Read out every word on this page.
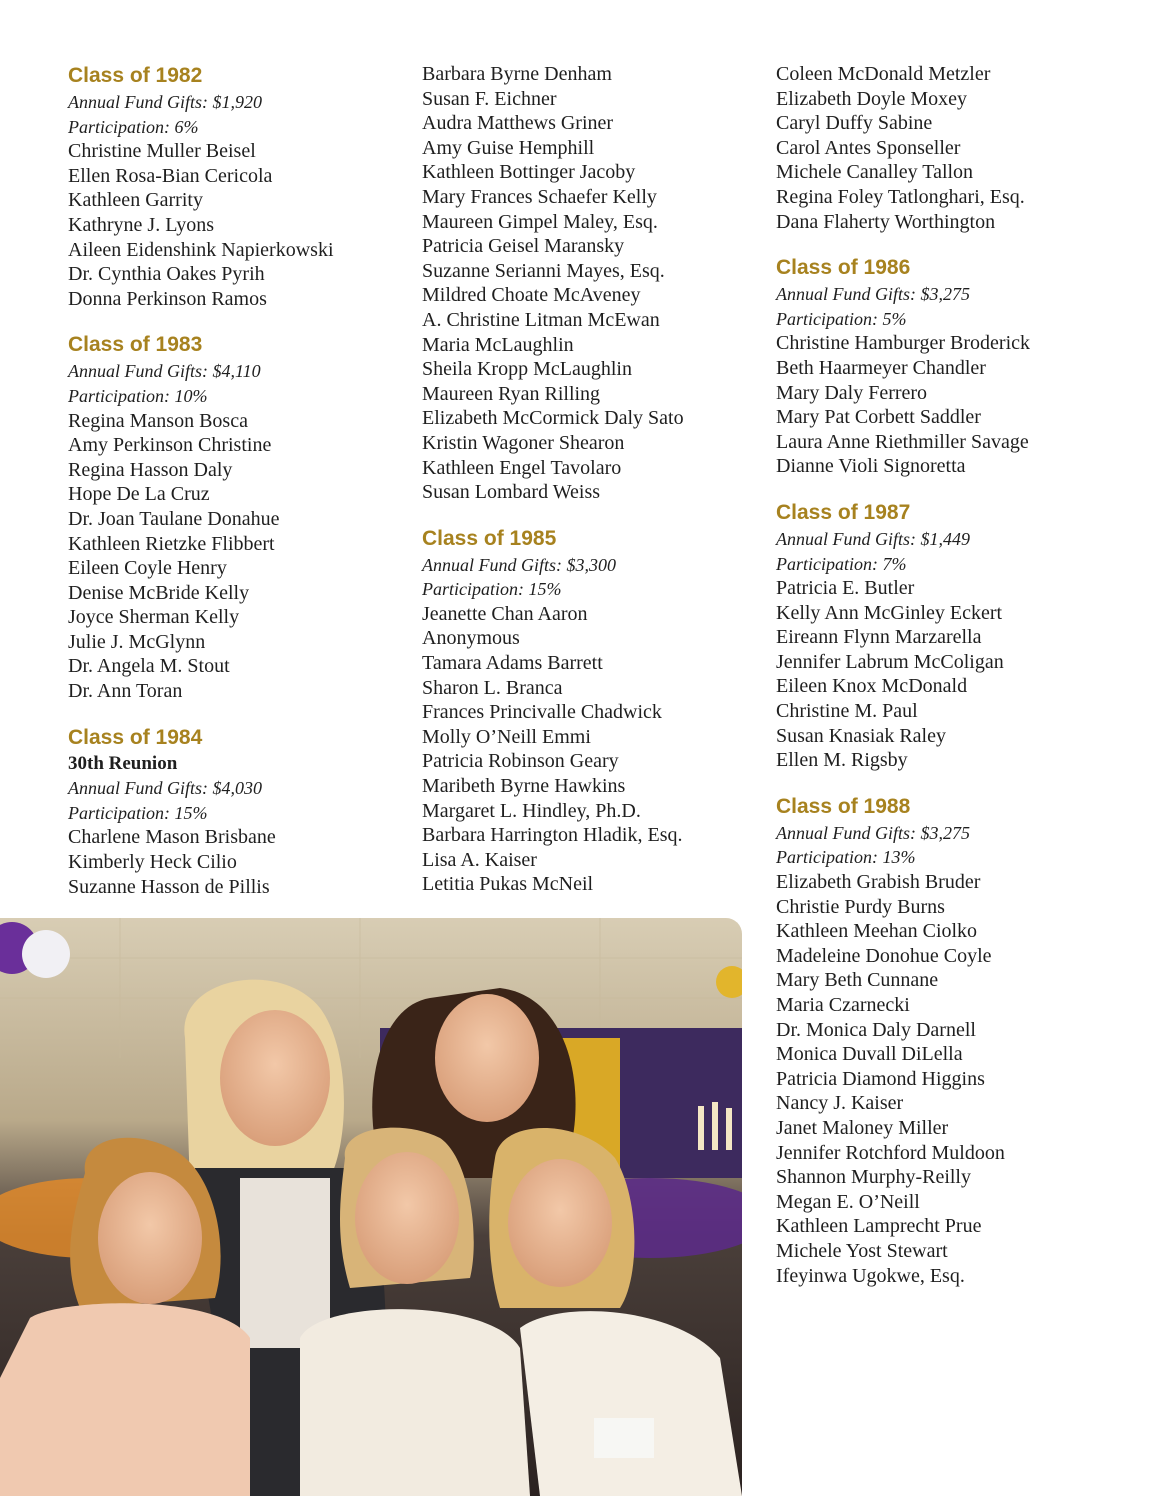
Class of 1982
Annual Fund Gifts: $1,920
Participation: 6%
Christine Muller Beisel
Ellen Rosa-Bian Cericola
Kathleen Garrity
Kathryne J. Lyons
Aileen Eidenshink Napierkowski
Dr. Cynthia Oakes Pyrih
Donna Perkinson Ramos
Class of 1983
Annual Fund Gifts: $4,110
Participation: 10%
Regina Manson Bosca
Amy Perkinson Christine
Regina Hasson Daly
Hope De La Cruz
Dr. Joan Taulane Donahue
Kathleen Rietzke Flibbert
Eileen Coyle Henry
Denise McBride Kelly
Joyce Sherman Kelly
Julie J. McGlynn
Dr. Angela M. Stout
Dr. Ann Toran
Class of 1984
30th Reunion
Annual Fund Gifts: $4,030
Participation: 15%
Charlene Mason Brisbane
Kimberly Heck Cilio
Suzanne Hasson de Pillis
Barbara Byrne Denham
Susan F. Eichner
Audra Matthews Griner
Amy Guise Hemphill
Kathleen Bottinger Jacoby
Mary Frances Schaefer Kelly
Maureen Gimpel Maley, Esq.
Patricia Geisel Maransky
Suzanne Serianni Mayes, Esq.
Mildred Choate McAveney
A. Christine Litman McEwan
Maria McLaughlin
Sheila Kropp McLaughlin
Maureen Ryan Rilling
Elizabeth McCormick Daly Sato
Kristin Wagoner Shearon
Kathleen Engel Tavolaro
Susan Lombard Weiss
Class of 1985
Annual Fund Gifts: $3,300
Participation: 15%
Jeanette Chan Aaron
Anonymous
Tamara Adams Barrett
Sharon L. Branca
Frances Princivalle Chadwick
Molly O’Neill Emmi
Patricia Robinson Geary
Maribeth Byrne Hawkins
Margaret L. Hindley, Ph.D.
Barbara Harrington Hladik, Esq.
Lisa A. Kaiser
Letitia Pukas McNeil
Coleen McDonald Metzler
Elizabeth Doyle Moxey
Caryl Duffy Sabine
Carol Antes Sponseller
Michele Canalley Tallon
Regina Foley Tatlonghari, Esq.
Dana Flaherty Worthington
Class of 1986
Annual Fund Gifts: $3,275
Participation: 5%
Christine Hamburger Broderick
Beth Haarmeyer Chandler
Mary Daly Ferrero
Mary Pat Corbett Saddler
Laura Anne Riethmiller Savage
Dianne Violi Signoretta
Class of 1987
Annual Fund Gifts: $1,449
Participation: 7%
Patricia E. Butler
Kelly Ann McGinley Eckert
Eireann Flynn Marzarella
Jennifer Labrum McColigan
Eileen Knox McDonald
Christine M. Paul
Susan Knasiak Raley
Ellen M. Rigsby
Class of 1988
Annual Fund Gifts: $3,275
Participation: 13%
Elizabeth Grabish Bruder
Christie Purdy Burns
Kathleen Meehan Ciolko
Madeleine Donohue Coyle
Mary Beth Cunnane
Maria Czarnecki
Dr. Monica Daly Darnell
Monica Duvall DiLella
Patricia Diamond Higgins
Nancy J. Kaiser
Janet Maloney Miller
Jennifer Rotchford Muldoon
Shannon Murphy-Reilly
Megan E. O’Neill
Kathleen Lamprecht Prue
Michele Yost Stewart
Ifeyinwa Ugokwe, Esq.
